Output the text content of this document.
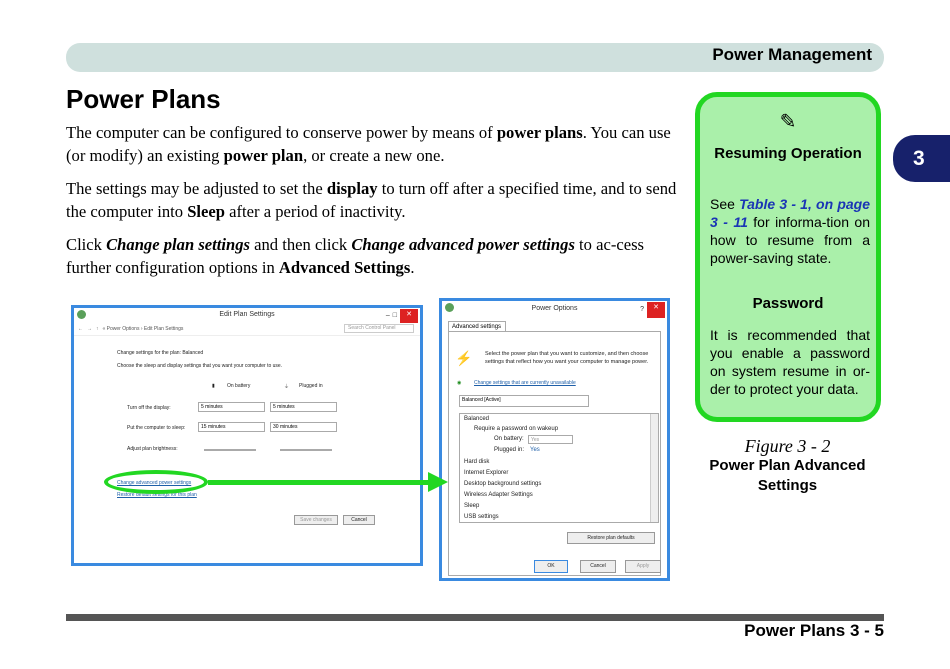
Power Management
3
Power Plans

The computer can be configured to conserve power by means of power plans. You can use (or modify) an existing power plan, or create a new one.

The settings may be adjusted to set the display to turn off after a specified time, and to send the computer into Sleep after a period of inactivity.

Click Change plan settings and then click Change advanced power settings to ac-cess further configuration options in Advanced Settings.

✎
Resuming Operation

See Table 3 - 1, on page 3 - 11 for informa-tion on how to resume from a power-saving state.

Password

It is recommended that you enable a password on system resume in or-der to protect your data.

Figure 3 - 2
Power Plan Advanced Settings
Edit Plan Settings	– □	✕
← → ↑ « Power Options › Edit Plan Settings	Search Control Panel
Change settings for the plan: Balanced
Choose the sleep and display settings that you want your computer to use.
▮ On battery	⏚ Plugged in
Turn off the display:	5 minutes	5 minutes
Put the computer to sleep:	15 minutes	30 minutes
Adjust plan brightness:
Change advanced power settings
Restore default settings for this plan
Save changes	Cancel
Power Options	?	✕
Advanced settings
⚡ Select the power plan that you want to customize, and then choose settings that reflect how you want your computer to manage power.
◉	Change settings that are currently unavailable
Balanced [Active]
Balanced
Require a password on wakeup
On battery:	Yes
Plugged in: Yes
Hard disk
Internet Explorer
Desktop background settings
Wireless Adapter Settings
Sleep
USB settings
Restore plan defaults
OK	Cancel	Apply
Power Plans 3 - 5
